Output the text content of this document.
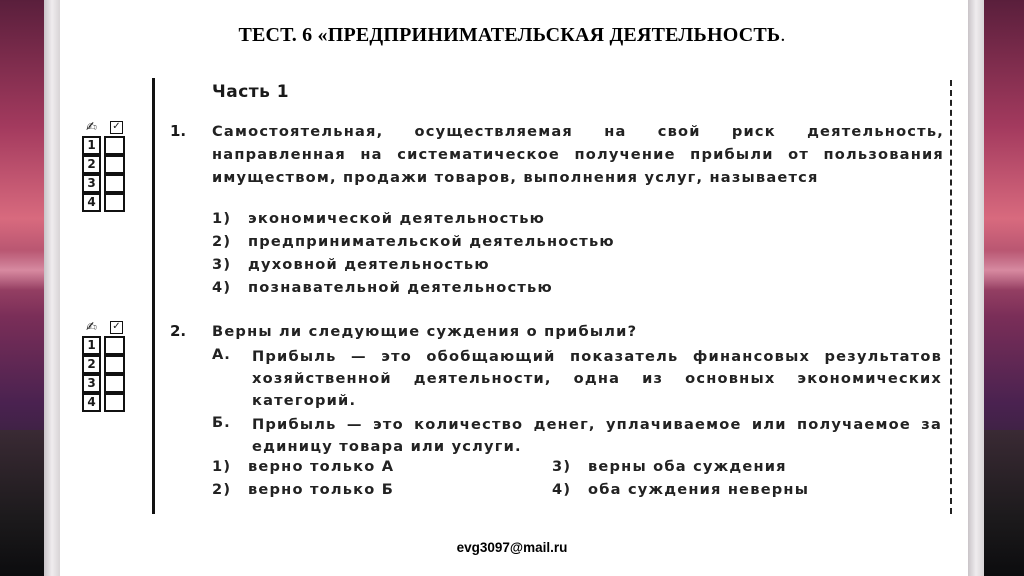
ТЕСТ. 6 «ПРЕДПРИНИМАТЕЛЬСКАЯ ДЕЯТЕЛЬНОСТЬ.
Часть 1
✍ ✓
1
2
3
4
1. Самостоятельная, осуществляемая на свой риск деятельность, направленная на систематическое получение прибыли от пользования имуществом, продажи товаров, выполнения услуг, называется
1) экономической деятельностью
2) предпринимательской деятельностью
3) духовной деятельностью
4) познавательной деятельностью
✍ ✓
1
2
3
4
2. Верны ли следующие суждения о прибыли?
А. Прибыль — это обобщающий показатель финансовых результатов хозяйственной деятельности, одна из основных экономических категорий.
Б. Прибыль — это количество денег, уплачиваемое или получаемое за единицу товара или услуги.
1) верно только А	3) верны оба суждения
2) верно только Б	4) оба суждения неверны
evg3097@mail.ru
